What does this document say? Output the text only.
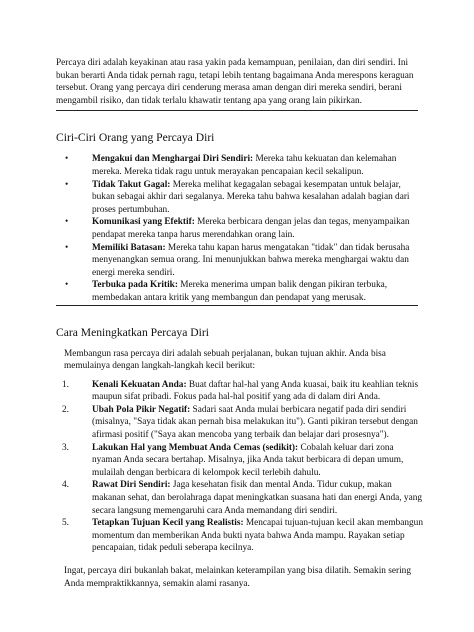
Percaya diri adalah keyakinan atau rasa yakin pada kemampuan, penilaian, dan diri sendiri. Ini bukan berarti Anda tidak pernah ragu, tetapi lebih tentang bagaimana Anda merespons keraguan tersebut. Orang yang percaya diri cenderung merasa aman dengan diri mereka sendiri, berani mengambil risiko, dan tidak terlalu khawatir tentang apa yang orang lain pikirkan.

Ciri-Ciri Orang yang Percaya Diri
•	Mengakui dan Menghargai Diri Sendiri: Mereka tahu kekuatan dan kelemahan mereka. Mereka tidak ragu untuk merayakan pencapaian kecil sekalipun.
•	Tidak Takut Gagal: Mereka melihat kegagalan sebagai kesempatan untuk belajar, bukan sebagai akhir dari segalanya. Mereka tahu bahwa kesalahan adalah bagian dari proses pertumbuhan.
•	Komunikasi yang Efektif: Mereka berbicara dengan jelas dan tegas, menyampaikan pendapat mereka tanpa harus merendahkan orang lain.
•	Memiliki Batasan: Mereka tahu kapan harus mengatakan "tidak" dan tidak berusaha menyenangkan semua orang. Ini menunjukkan bahwa mereka menghargai waktu dan energi mereka sendiri.
•	Terbuka pada Kritik: Mereka menerima umpan balik dengan pikiran terbuka, membedakan antara kritik yang membangun dan pendapat yang merusak.
Cara Meningkatkan Percaya Diri

Membangun rasa percaya diri adalah sebuah perjalanan, bukan tujuan akhir. Anda bisa memulainya dengan langkah-langkah kecil berikut:

1. Kenali Kekuatan Anda: Buat daftar hal-hal yang Anda kuasai, baik itu keahlian teknis maupun sifat pribadi. Fokus pada hal-hal positif yang ada di dalam diri Anda.
2. Ubah Pola Pikir Negatif: Sadari saat Anda mulai berbicara negatif pada diri sendiri (misalnya, "Saya tidak akan pernah bisa melakukan itu"). Ganti pikiran tersebut dengan afirmasi positif ("Saya akan mencoba yang terbaik dan belajar dari prosesnya").
3. Lakukan Hal yang Membuat Anda Cemas (sedikit): Cobalah keluar dari zona nyaman Anda secara bertahap. Misalnya, jika Anda takut berbicara di depan umum, mulailah dengan berbicara di kelompok kecil terlebih dahulu.
4. Rawat Diri Sendiri: Jaga kesehatan fisik dan mental Anda. Tidur cukup, makan makanan sehat, dan berolahraga dapat meningkatkan suasana hati dan energi Anda, yang secara langsung memengaruhi cara Anda memandang diri sendiri.
5. Tetapkan Tujuan Kecil yang Realistis: Mencapai tujuan-tujuan kecil akan membangun momentum dan memberikan Anda bukti nyata bahwa Anda mampu. Rayakan setiap pencapaian, tidak peduli seberapa kecilnya.

Ingat, percaya diri bukanlah bakat, melainkan keterampilan yang bisa dilatih. Semakin sering Anda mempraktikkannya, semakin alami rasanya.
